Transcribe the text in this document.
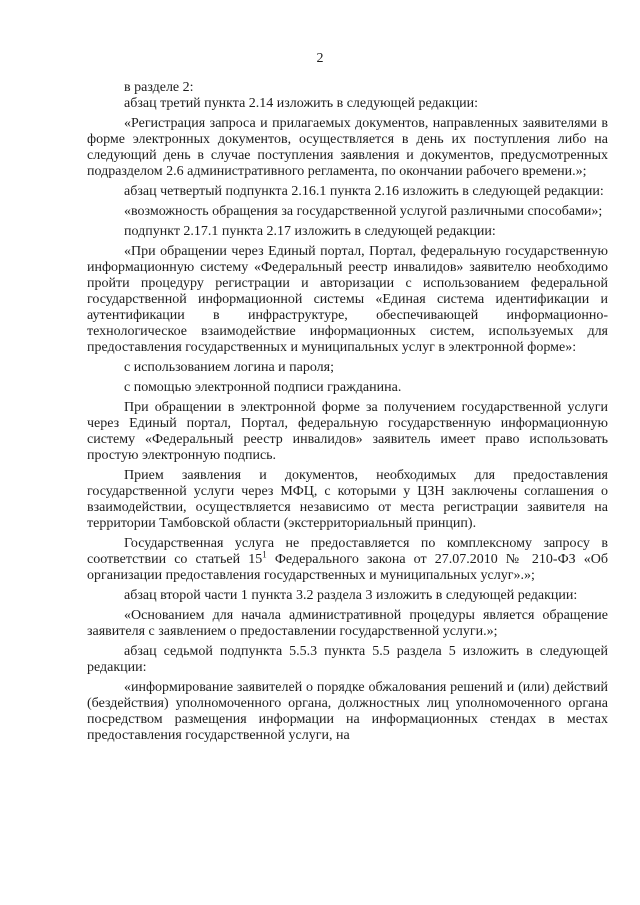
2

в разделе 2:

абзац третий пункта 2.14 изложить в следующей редакции:

«Регистрация запроса и прилагаемых документов, направленных заявителями в форме электронных документов, осуществляется в день их поступления либо на следующий день в случае поступления заявления и документов, предусмотренных подразделом 2.6 административного регламента, по окончании рабочего времени.»;

абзац четвертый подпункта 2.16.1 пункта 2.16 изложить в следующей редакции:

«возможность обращения за государственной услугой различными способами»;

подпункт 2.17.1 пункта 2.17 изложить в следующей редакции:

«При обращении через Единый портал, Портал, федеральную государственную информационную систему «Федеральный реестр инвалидов» заявителю необходимо пройти процедуру регистрации и авторизации с использованием федеральной государственной информационной системы «Единая система идентификации и аутентификации в инфраструктуре, обеспечивающей информационно-технологическое взаимодействие информационных систем, используемых для предоставления государственных и муниципальных услуг в электронной форме»:

с использованием логина и пароля;

с помощью электронной подписи гражданина.

При обращении в электронной форме за получением государственной услуги через Единый портал, Портал, федеральную государственную информационную систему «Федеральный реестр инвалидов» заявитель имеет право использовать простую электронную подпись.

Прием заявления и документов, необходимых для предоставления государственной услуги через МФЦ, с которыми у ЦЗН заключены соглашения о взаимодействии, осуществляется независимо от места регистрации заявителя на территории Тамбовской области (экстерриториальный принцип).

Государственная услуга не предоставляется по комплексному запросу в соответствии со статьей $15^1$ Федерального закона от 27.07.2010 № 210-ФЗ «Об организации предоставления государственных и муниципальных услуг».»;

абзац второй части 1 пункта 3.2 раздела 3 изложить в следующей редакции:

«Основанием для начала административной процедуры является обращение заявителя с заявлением о предоставлении государственной услуги.»;

абзац седьмой подпункта 5.5.3 пункта 5.5 раздела 5 изложить в следующей редакции:

«информирование заявителей о порядке обжалования решений и (или) действий (бездействия) уполномоченного органа, должностных лиц уполномоченного органа посредством размещения информации на информационных стендах в местах предоставления государственной услуги, на
